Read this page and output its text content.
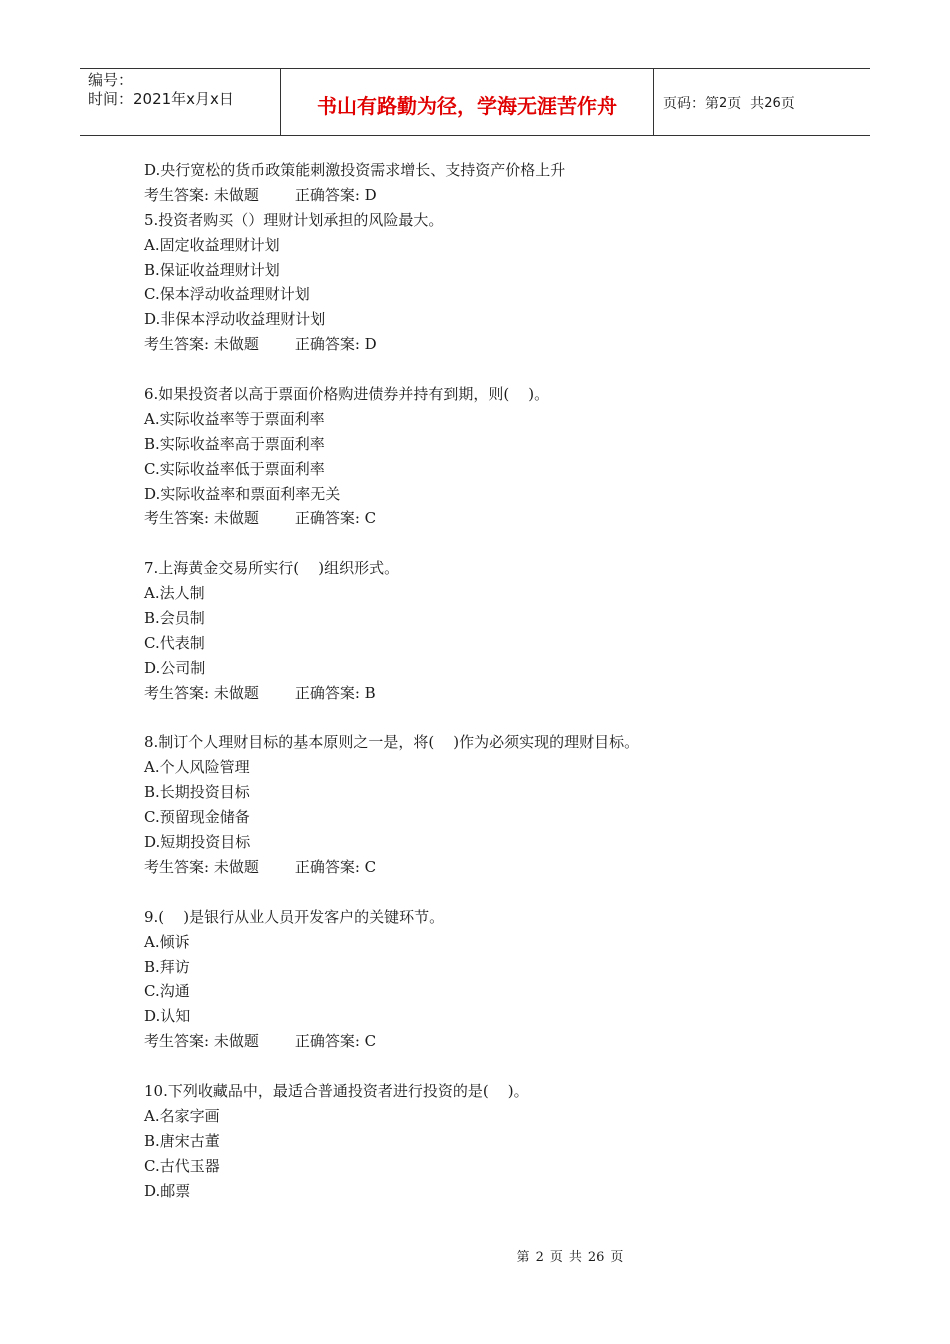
编号：
时间：2021年x月x日	书山有路勤为径，学海无涯苦作舟	页码：第 2 页  共 26 页
D.央行宽松的货币政策能刺激投资需求增长、支持资产价格上升
考生答案: 未做题 正确答案: D
5.投资者购买（）理财计划承担的风险最大。
A.固定收益理财计划
B.保证收益理财计划
C.保本浮动收益理财计划
D.非保本浮动收益理财计划
考生答案: 未做题 正确答案: D
6.如果投资者以高于票面价格购进债券并持有到期，则(    )。
A.实际收益率等于票面利率
B.实际收益率高于票面利率
C.实际收益率低于票面利率
D.实际收益率和票面利率无关
考生答案: 未做题 正确答案: C
7.上海黄金交易所实行(    )组织形式。
A.法人制
B.会员制
C.代表制
D.公司制
考生答案: 未做题 正确答案: B
8.制订个人理财目标的基本原则之一是，将(    )作为必须实现的理财目标。
A.个人风险管理
B.长期投资目标
C.预留现金储备
D.短期投资目标
考生答案: 未做题 正确答案: C
9.(    )是银行从业人员开发客户的关键环节。
A.倾诉
B.拜访
C.沟通
D.认知
考生答案: 未做题 正确答案: C
10.下列收藏品中，最适合普通投资者进行投资的是(    )。
A.名家字画
B.唐宋古董
C.古代玉器
D.邮票
第 2 页 共 26 页
